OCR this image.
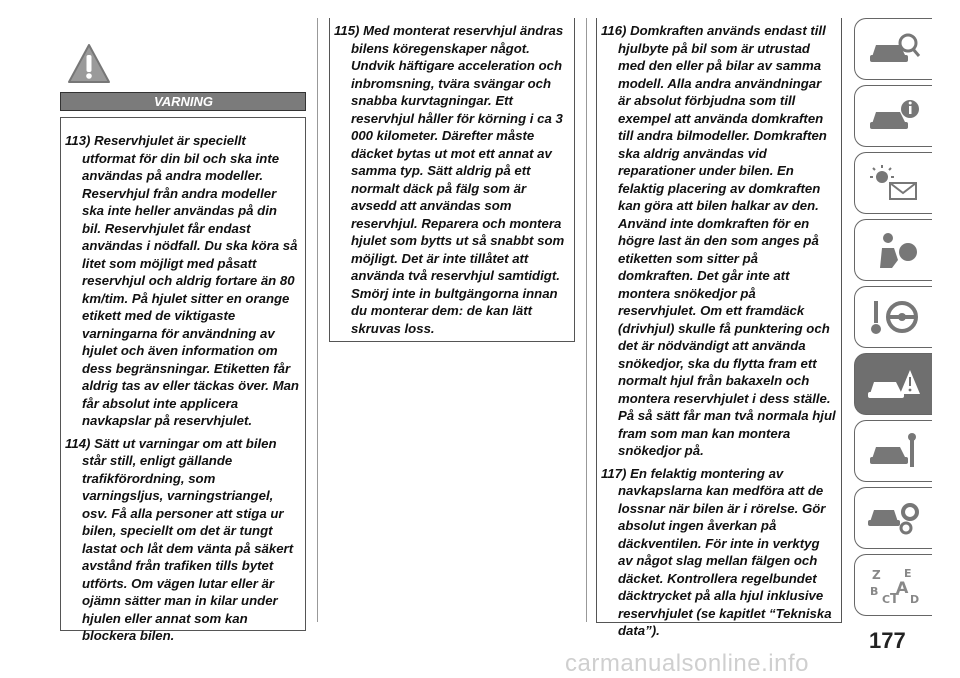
VARNING

113) Reservhjulet är speciellt utformat för din bil och ska inte användas på andra modeller. Reservhjul från andra modeller ska inte heller användas på din bil. Reservhjulet får endast användas i nödfall. Du ska köra så litet som möjligt med påsatt reservhjul och aldrig fortare än 80 km/tim. På hjulet sitter en orange etikett med de viktigaste varningarna för användning av hjulet och även information om dess begränsningar. Etiketten får aldrig tas av eller täckas över. Man får absolut inte applicera navkapslar på reservhjulet.

114) Sätt ut varningar om att bilen står still, enligt gällande trafikförordning, som varningsljus, varningstriangel, osv. Få alla personer att stiga ur bilen, speciellt om det är tungt lastat och låt dem vänta på säkert avstånd från trafiken tills bytet utförts. Om vägen lutar eller är ojämn sätter man in kilar under hjulen eller annat som kan blockera bilen.

115) Med monterat reservhjul ändras bilens köregenskaper något. Undvik häftigare acceleration och inbromsning, tvära svängar och snabba kurvtagningar. Ett reservhjul håller för körning i ca 3 000 kilometer. Därefter måste däcket bytas ut mot ett annat av samma typ. Sätt aldrig på ett normalt däck på fälg som är avsedd att användas som reservhjul. Reparera och montera hjulet som bytts ut så snabbt som möjligt. Det är inte tillåtet att använda två reservhjul samtidigt. Smörj inte in bultgängorna innan du monterar dem: de kan lätt skruvas loss.

116) Domkraften används endast till hjulbyte på bil som är utrustad med den eller på bilar av samma modell. Alla andra användningar är absolut förbjudna som till exempel att använda domkraften till andra bilmodeller. Domkraften ska aldrig användas vid reparationer under bilen. En felaktig placering av domkraften kan göra att bilen halkar av den. Använd inte domkraften för en högre last än den som anges på etiketten som sitter på domkraften. Det går inte att montera snökedjor på reservhjulet. Om ett framdäck (drivhjul) skulle få punktering och det är nödvändigt att använda snökedjor, ska du flytta fram ett normalt hjul från bakaxeln och montera reservhjulet i dess ställe. På så sätt får man två normala hjul fram som man kan montera snökedjor på.

117) En felaktig montering av navkapslarna kan medföra att de lossnar när bilen är i rörelse. Gör absolut ingen åverkan på däckventilen. För inte in verktyg av något slag mellan fälgen och däcket. Kontrollera regelbundet däcktrycket på alla hjul inklusive reservhjulet (se kapitlet “Tekniska data”).

Z E
B A
C T D
177
carmanualsonline.info
